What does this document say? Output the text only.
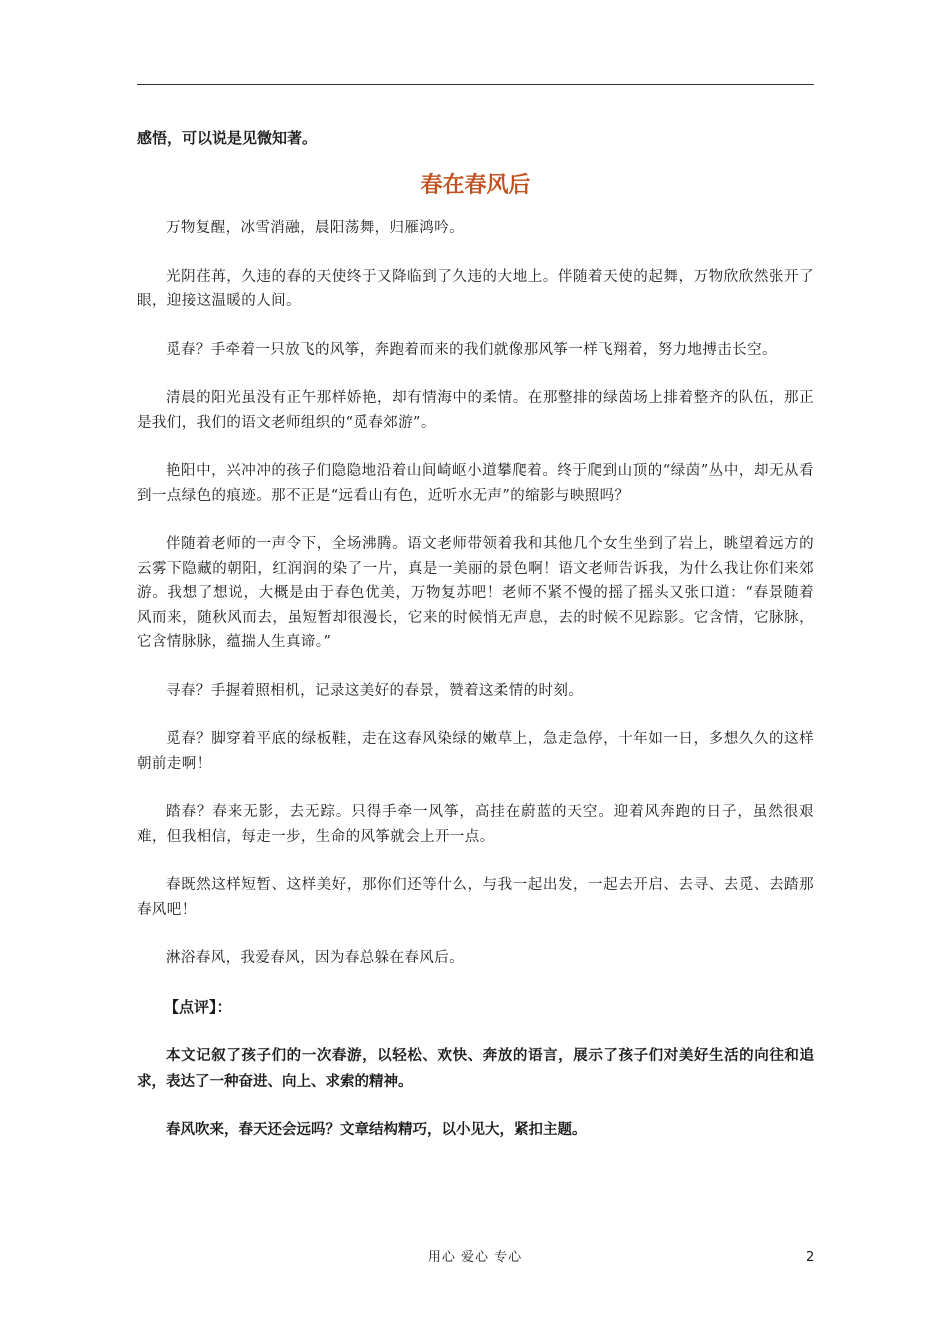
感悟，可以说是见微知著。

春在春风后

万物复醒，冰雪消融，晨阳荡舞，归雁鸿吟。

光阴荏苒，久违的春的天使终于又降临到了久违的大地上。伴随着天使的起舞，万物欣欣然张开了眼，迎接这温暖的人间。

觅春？手牵着一只放飞的风筝，奔跑着而来的我们就像那风筝一样飞翔着，努力地搏击长空。

清晨的阳光虽没有正午那样娇艳，却有情海中的柔情。在那整排的绿茵场上排着整齐的队伍，那正是我们，我们的语文老师组织的“觅春郊游”。

艳阳中，兴冲冲的孩子们隐隐地沿着山间崎岖小道攀爬着。终于爬到山顶的“绿茵”丛中，却无从看到一点绿色的痕迹。那不正是“远看山有色，近听水无声”的缩影与映照吗？

伴随着老师的一声令下，全场沸腾。语文老师带领着我和其他几个女生坐到了岩上，眺望着远方的云雾下隐藏的朝阳，红润润的染了一片，真是一美丽的景色啊！语文老师告诉我，为什么我让你们来郊游。我想了想说，大概是由于春色优美，万物复苏吧！老师不紧不慢的摇了摇头又张口道：“春景随着风而来，随秋风而去，虽短暂却很漫长，它来的时候悄无声息，去的时候不见踪影。它含情，它脉脉，它含情脉脉，蕴揣人生真谛。”

寻春？手握着照相机，记录这美好的春景，赞着这柔情的时刻。

觅春？脚穿着平底的绿板鞋，走在这春风染绿的嫩草上，急走急停，十年如一日，多想久久的这样朝前走啊！

踏春？春来无影，去无踪。只得手牵一风筝，高挂在蔚蓝的天空。迎着风奔跑的日子，虽然很艰难，但我相信，每走一步，生命的风筝就会上开一点。

春既然这样短暂、这样美好，那你们还等什么，与我一起出发，一起去开启、去寻、去觅、去踏那春风吧！

淋浴春风，我爱春风，因为春总躲在春风后。

【点评】：

本文记叙了孩子们的一次春游，以轻松、欢快、奔放的语言，展示了孩子们对美好生活的向往和追求，表达了一种奋进、向上、求索的精神。

春风吹来，春天还会远吗？文章结构精巧，以小见大，紧扣主题。

用心 爱心 专心	2
